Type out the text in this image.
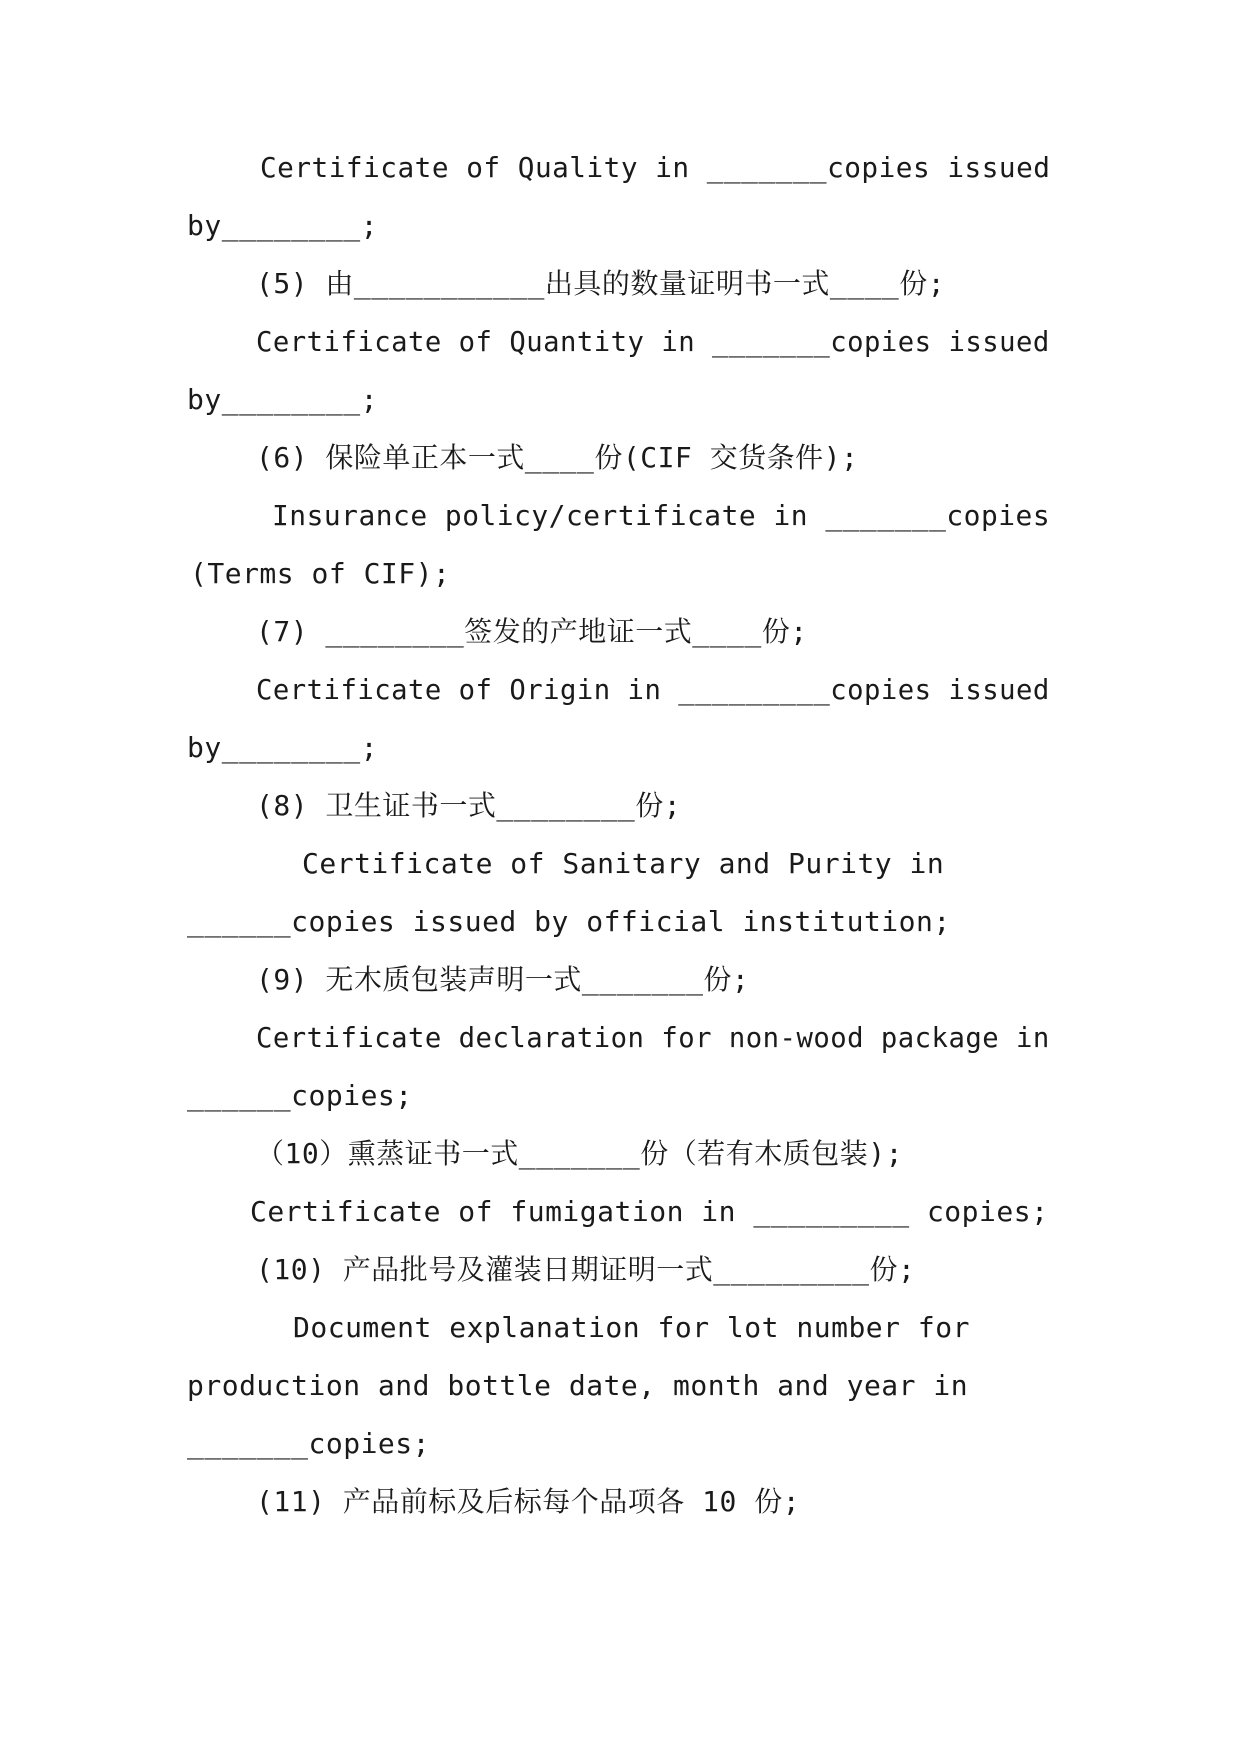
Certificate of Quality in _______copies issued

by________;

(5) 由___________出具的数量证明书一式____份;

Certificate of Quantity in _______copies issued

by________;

(6) 保险单正本一式____份(CIF 交货条件);

Insurance policy/certificate in _______copies

(Terms of CIF);

(7) ________签发的产地证一式____份;

Certificate of Origin in _________copies issued

by________;

(8) 卫生证书一式________份;

Certificate of Sanitary and Purity in

______copies issued by official institution;

(9) 无木质包装声明一式_______份;

Certificate declaration for non-wood package in

______copies;

（10）熏蒸证书一式_______份（若有木质包装);

Certificate of fumigation in _________ copies;

(10) 产品批号及灌装日期证明一式_________份;

Document explanation for lot number for

production and bottle date, month and year in

_______copies;

(11) 产品前标及后标每个品项各 10 份;
